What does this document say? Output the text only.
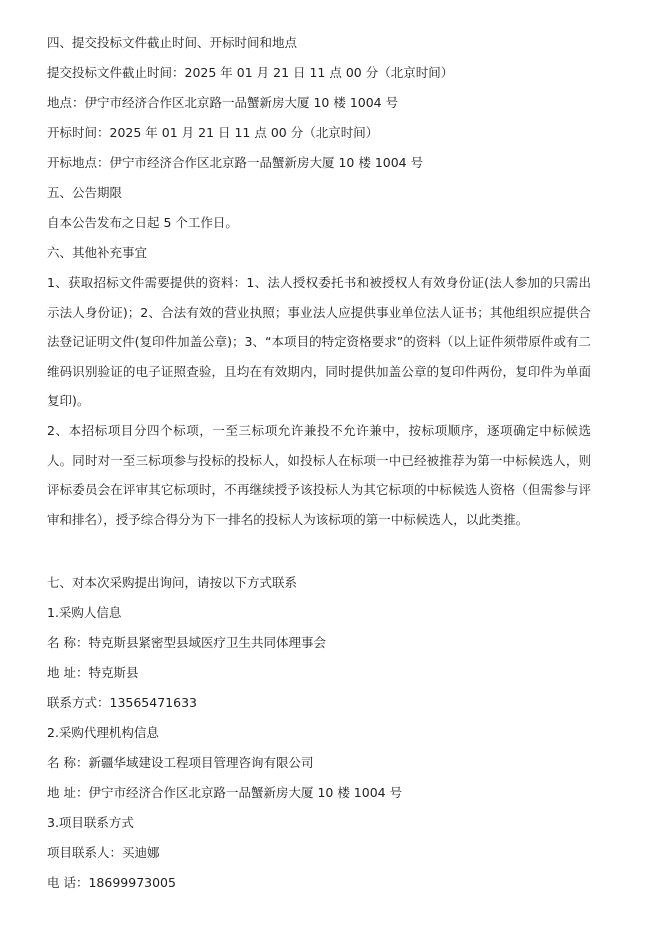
四、提交投标文件截止时间、开标时间和地点
提交投标文件截止时间：2025 年 01 月 21 日 11 点 00 分（北京时间）
地点：伊宁市经济合作区北京路一品蟹新房大厦 10 楼 1004 号
开标时间：2025 年 01 月 21 日 11 点 00 分（北京时间）
开标地点：伊宁市经济合作区北京路一品蟹新房大厦 10 楼 1004 号
五、公告期限
自本公告发布之日起 5 个工作日。
六、其他补充事宜
1、获取招标文件需要提供的资料：1、法人授权委托书和被授权人有效身份证(法人参加的只需出示法人身份证)；2、合法有效的营业执照；事业法人应提供事业单位法人证书；其他组织应提供合法登记证明文件(复印件加盖公章)；3、“本项目的特定资格要求”的资料（以上证件须带原件或有二维码识别验证的电子证照查验，且均在有效期内，同时提供加盖公章的复印件两份，复印件为单面复印)。
2、本招标项目分四个标项，一至三标项允许兼投不允许兼中，按标项顺序，逐项确定中标候选人。同时对一至三标项参与投标的投标人，如投标人在标项一中已经被推荐为第一中标候选人，则评标委员会在评审其它标项时，不再继续授予该投标人为其它标项的中标候选人资格（但需参与评审和排名），授予综合得分为下一排名的投标人为该标项的第一中标候选人，以此类推。
七、对本次采购提出询问，请按以下方式联系
1.采购人信息
名 称：特克斯县紧密型县域医疗卫生共同体理事会
地 址：特克斯县
联系方式：13565471633
2.采购代理机构信息
名 称：新疆华域建设工程项目管理咨询有限公司
地 址：伊宁市经济合作区北京路一品蟹新房大厦 10 楼 1004 号
3.项目联系方式
项目联系人：买迪娜
电 话：18699973005
